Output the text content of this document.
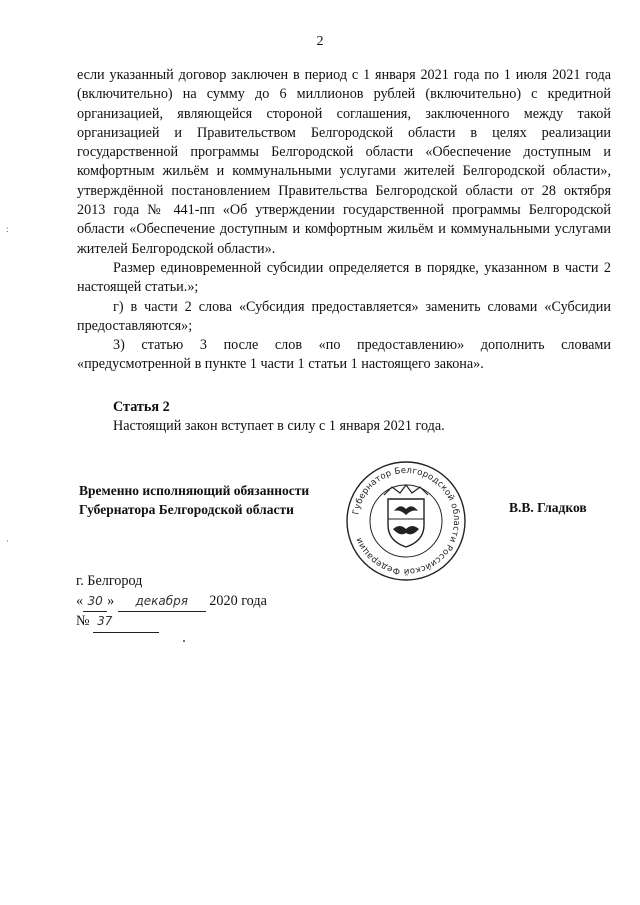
2

если указанный договор заключен в период с 1 января 2021 года по 1 июля 2021 года (включительно) на сумму до 6 миллионов рублей (включительно) с кредитной организацией, являющейся стороной соглашения, заключенного между такой организацией и Правительством Белгородской области в целях реализации государственной программы Белгородской области «Обеспечение доступным и комфортным жильём и коммунальными услугами жителей Белгородской области», утверждённой постановлением Правительства Белгородской области от 28 октября 2013 года № 441-пп «Об утверждении государственной программы Белгородской области «Обеспечение доступным и комфортным жильём и коммунальными услугами жителей Белгородской области».

Размер единовременной субсидии определяется в порядке, указанном в части 2 настоящей статьи.»;

г) в части 2 слова «Субсидия предоставляется» заменить словами «Субсидии предоставляются»;

3) статью 3 после слов «по предоставлению» дополнить словами «предусмотренной в пункте 1 части 1 статьи 1 настоящего закона».

Статья 2
Настоящий закон вступает в силу с 1 января 2021 года.
Временно исполняющий обязанности
Губернатора Белгородской области	Губернатор Белгородской области Российской Федерации
В.В. Гладков
г. Белгород
« 30 » декабря 2020 года
№ 37
:
·
